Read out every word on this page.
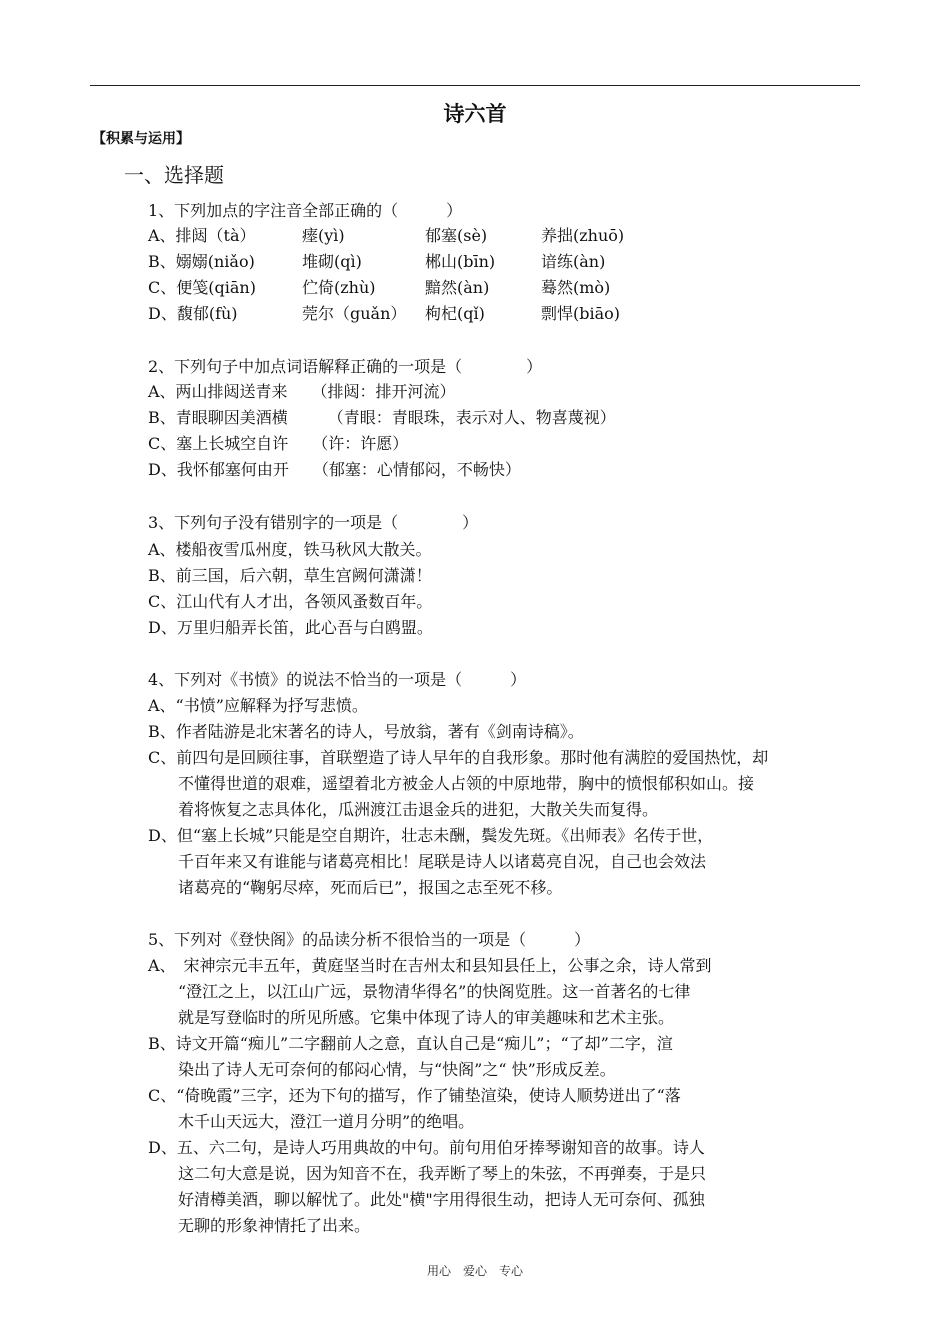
诗六首
【积累与运用】
一、选择题
1、下列加点的字注音全部正确的（　　　）
A、排闼（tà）	瘗(yì)	郁塞(sè)	养拙(zhuō)
B、嫋嫋(niǎo)	堆砌(qì)	郴山(bīn)	谙练(àn)
C、便笺(qiān)	伫倚(zhù)	黯然(àn)	蓦然(mò)
D、馥郁(fù)	莞尔（guǎn） 枸杞(qǐ)	剽悍(biāo)
2、下列句子中加点词语解释正确的一项是（　　　　）
A、两山排闼送青来　　（排闼：排开河流）
B、青眼聊因美酒横　　　（青眼：青眼珠，表示对人、物喜蔑视）
C、塞上长城空自许　　（许：许愿）
D、我怀郁塞何由开　　（郁塞：心情郁闷，不畅快）
3、下列句子没有错别字的一项是（　　　　）
A、楼船夜雪瓜州度，铁马秋风大散关。
B、前三国，后六朝，草生宫阙何潇潇！
C、江山代有人才出，各领风蚤数百年。
D、万里归船弄长笛，此心吾与白鸥盟。
4、下列对《书愤》的说法不恰当的一项是（　　　）
A、“书愤”应解释为抒写悲愤。
B、作者陆游是北宋著名的诗人，号放翁，著有《剑南诗稿》。
C、前四句是回顾往事，首联塑造了诗人早年的自我形象。那时他有满腔的爱国热忱，却
不懂得世道的艰难，遥望着北方被金人占领的中原地带，胸中的愤恨郁积如山。接
着将恢复之志具体化，瓜洲渡江击退金兵的进犯，大散关失而复得。
D、但“塞上长城”只能是空自期许，壮志未酬，鬓发先斑。《出师表》名传于世，
千百年来又有谁能与诸葛亮相比！尾联是诗人以诸葛亮自况，自己也会效法
诸葛亮的“鞠躬尽瘁，死而后已”，报国之志至死不移。
5、下列对《登快阁》的品读分析不很恰当的一项是（　　　）
A、　宋神宗元丰五年，黄庭坚当时在吉州太和县知县任上，公事之余，诗人常到
“澄江之上，以江山广远，景物清华得名”的快阁览胜。这一首著名的七律
就是写登临时的所见所感。它集中体现了诗人的审美趣味和艺术主张。
B、诗文开篇“痴儿”二字翻前人之意，直认自己是“痴儿”；“了却”二字，渲
染出了诗人无可奈何的郁闷心情，与“快阁”之“ 快”形成反差。
C、“倚晚霞”三字，还为下句的描写，作了铺垫渲染，使诗人顺势迸出了“落
木千山天远大，澄江一道月分明”的绝唱。
D、五、六二句，是诗人巧用典故的中句。前句用伯牙捧琴谢知音的故事。诗人
这二句大意是说，因为知音不在，我弄断了琴上的朱弦，不再弹奏，于是只
好清樽美酒，聊以解忧了。此处"横"字用得很生动，把诗人无可奈何、孤独
无聊的形象神情托了出来。
用心　爱心　专心
